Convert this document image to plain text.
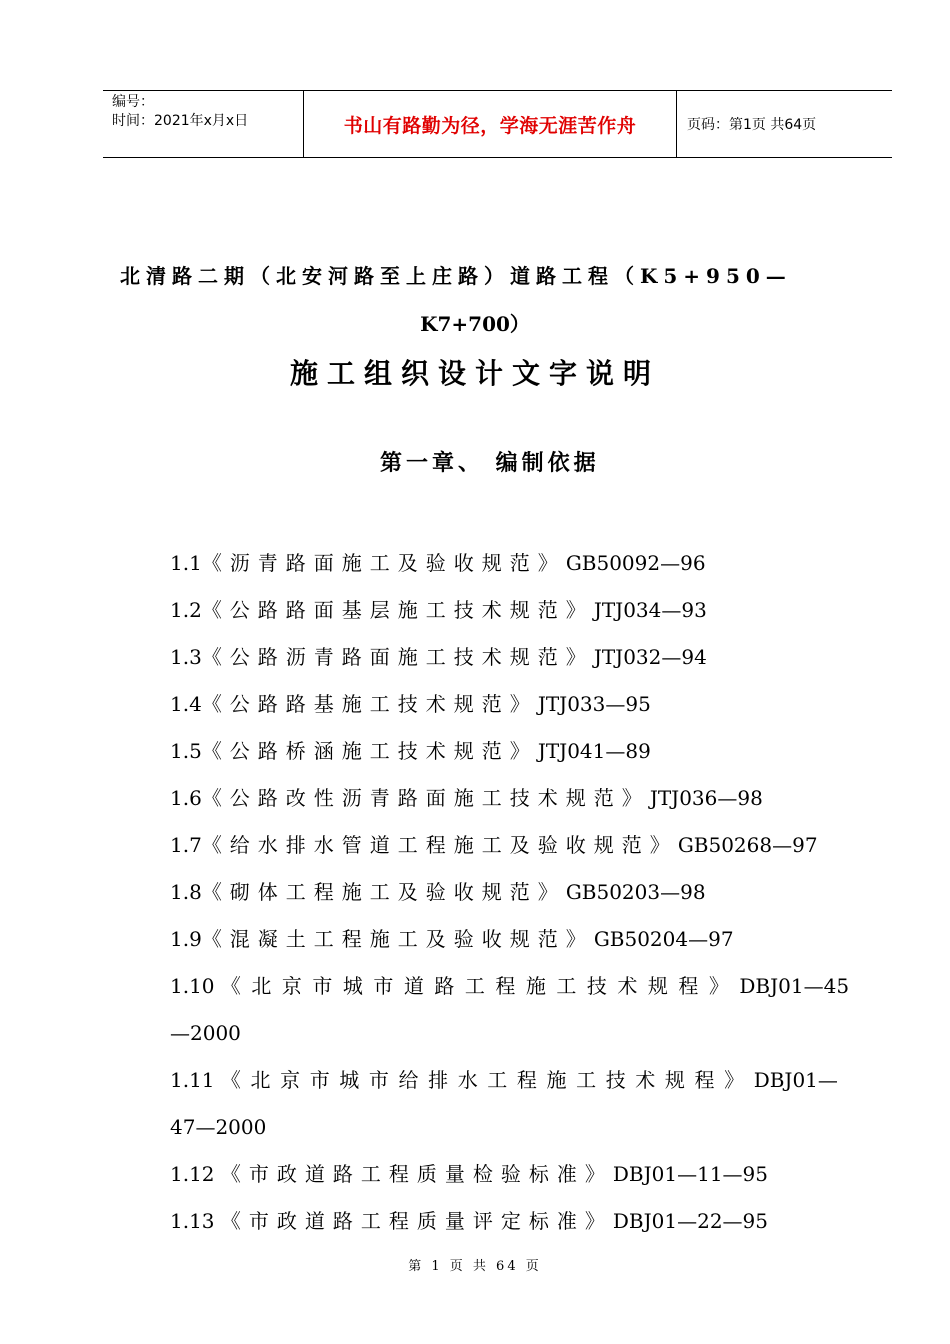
编号：
时间：2021年x月x日	书山有路勤为径，学海无涯苦作舟	页码：第1页 共64页
北清路二期（北安河路至上庄路）道路工程（K5+950—
K7+700）
施工组织设计文字说明
第一章、 编制依据
1.1《沥青路面施工及验收规范》GB50092—96
1.2《公路路面基层施工技术规范》JTJ034—93
1.3《公路沥青路面施工技术规范》JTJ032—94
1.4《公路路基施工技术规范》JTJ033—95
1.5《公路桥涵施工技术规范》JTJ041—89
1.6《公路改性沥青路面施工技术规范》JTJ036—98
1.7《给水排水管道工程施工及验收规范》GB50268—97
1.8《砌体工程施工及验收规范》GB50203—98
1.9《混凝土工程施工及验收规范》GB50204—97
1.10 《北京市城市道路工程施工技术规程》DBJ01—45
—2000
1.11 《北京市城市给排水工程施工技术规程》DBJ01—
47—2000
1.12 《市政道路工程质量检验标准》DBJ01—11—95
1.13 《市政道路工程质量评定标准》DBJ01—22—95
第 1 页 共 64 页
